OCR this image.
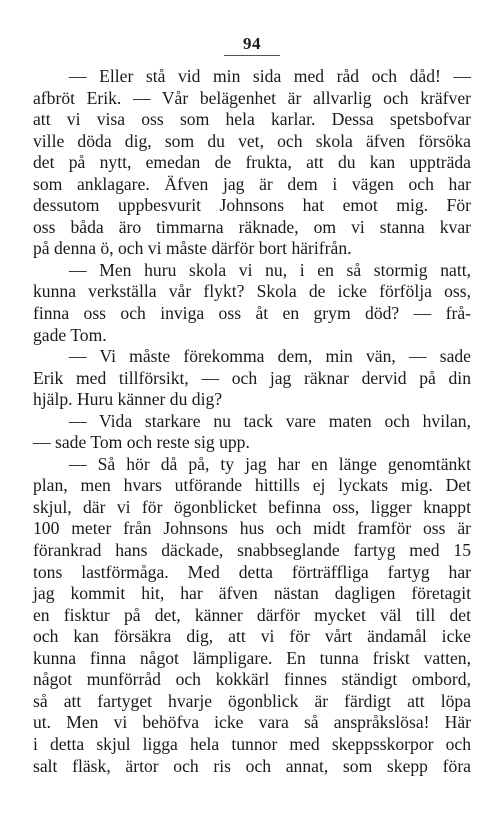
94
— Eller stå vid min sida med råd och dåd! —
afbröt Erik. — Vår belägenhet är allvarlig och kräfver
att vi visa oss som hela karlar. Dessa spetsbofvar
ville döda dig, som du vet, och skola äfven försöka
det på nytt, emedan de frukta, att du kan uppträda
som anklagare. Äfven jag är dem i vägen och har
dessutom uppbesvurit Johnsons hat emot mig. För
oss båda äro timmarna räknade, om vi stanna kvar
på denna ö, och vi måste därför bort härifrån.
— Men huru skola vi nu, i en så stormig natt,
kunna verkställa vår flykt? Skola de icke förfölja oss,
finna oss och inviga oss åt en grym död? — frå-
gade Tom.
— Vi måste förekomma dem, min vän, — sade
Erik med tillförsikt, — och jag räknar dervid på din
hjälp. Huru känner du dig?
— Vida starkare nu tack vare maten och hvilan,
— sade Tom och reste sig upp.
— Så hör då på, ty jag har en länge genomtänkt
plan, men hvars utförande hittills ej lyckats mig. Det
skjul, där vi för ögonblicket befinna oss, ligger knappt
100 meter från Johnsons hus och midt framför oss är
förankrad hans däckade, snabbseglande fartyg med 15
tons lastförmåga. Med detta förträffliga fartyg har
jag kommit hit, har äfven nästan dagligen företagit
en fisktur på det, känner därför mycket väl till det
och kan försäkra dig, att vi för vårt ändamål icke
kunna finna något lämpligare. En tunna friskt vatten,
något munförråd och kokkärl finnes ständigt ombord,
så att fartyget hvarje ögonblick är färdigt att löpa
ut. Men vi behöfva icke vara så anspråkslösa! Här
i detta skjul ligga hela tunnor med skeppsskorpor och
salt fläsk, ärtor och ris och annat, som skepp föra
